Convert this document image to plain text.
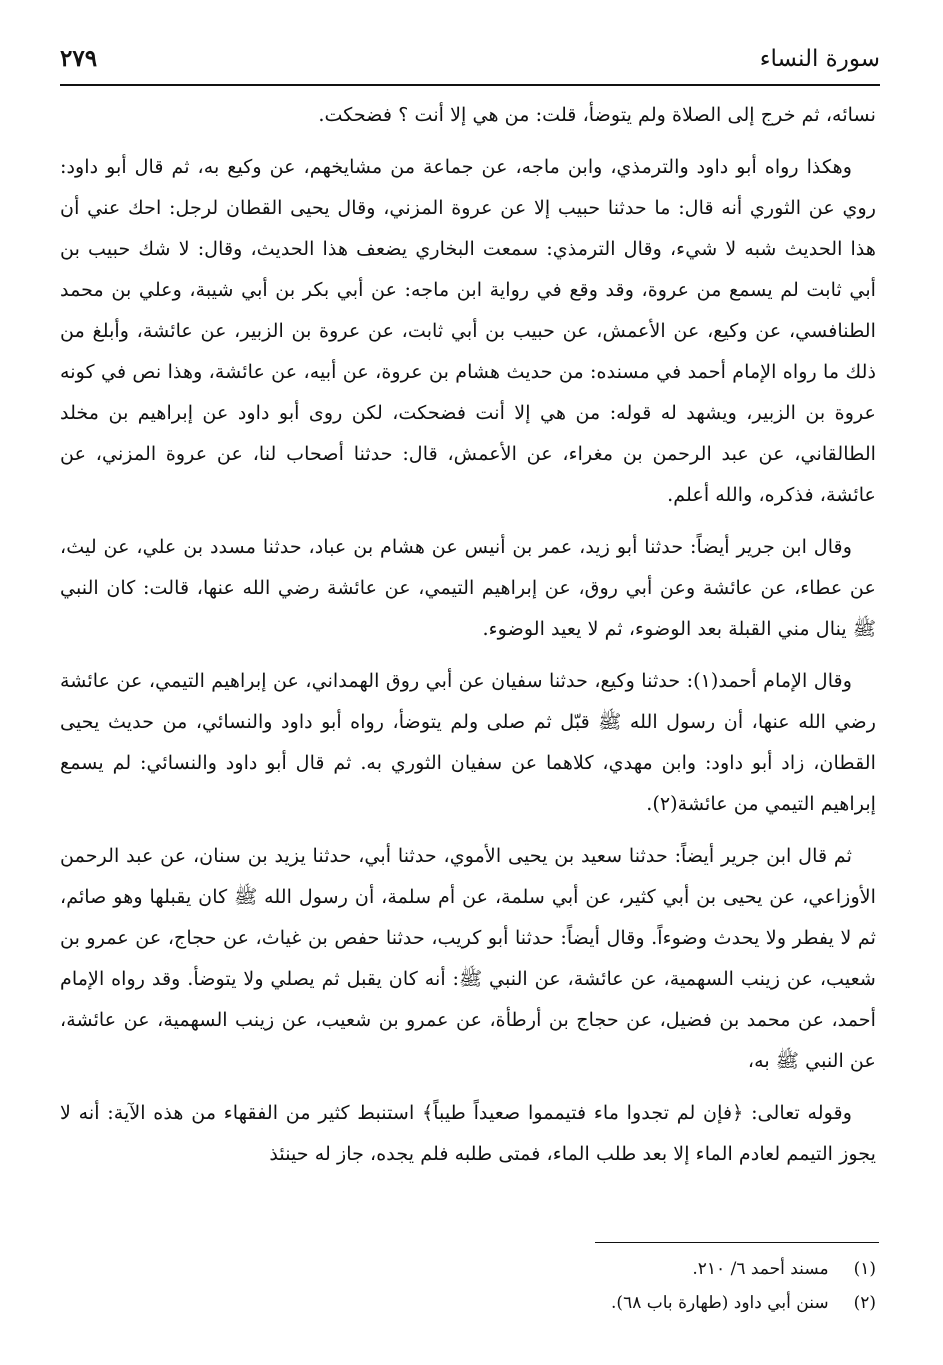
سورة النساء
٢٧٩

نسائه، ثم خرج إلى الصلاة ولم يتوضأ، قلت: من هي إلا أنت ؟ فضحكت.

وهكذا رواه أبو داود والترمذي، وابن ماجه، عن جماعة من مشايخهم، عن وكيع به، ثم قال أبو داود: روي عن الثوري أنه قال: ما حدثنا حبيب إلا عن عروة المزني، وقال يحيى القطان لرجل: احك عني أن هذا الحديث شبه لا شيء، وقال الترمذي: سمعت البخاري يضعف هذا الحديث، وقال: لا شك حبيب بن أبي ثابت لم يسمع من عروة، وقد وقع في رواية ابن ماجه: عن أبي بكر بن أبي شيبة، وعلي بن محمد الطنافسي، عن وكيع، عن الأعمش، عن حبيب بن أبي ثابت، عن عروة بن الزبير، عن عائشة، وأبلغ من ذلك ما رواه الإمام أحمد في مسنده: من حديث هشام بن عروة، عن أبيه، عن عائشة، وهذا نص في كونه عروة بن الزبير، ويشهد له قوله: من هي إلا أنت فضحكت، لكن روى أبو داود عن إبراهيم بن مخلد الطالقاني، عن عبد الرحمن بن مغراء، عن الأعمش، قال: حدثنا أصحاب لنا، عن عروة المزني، عن عائشة، فذكره، والله أعلم.

وقال ابن جرير أيضاً: حدثنا أبو زيد، عمر بن أنيس عن هشام بن عباد، حدثنا مسدد بن علي، عن ليث، عن عطاء، عن عائشة وعن أبي روق، عن إبراهيم التيمي، عن عائشة رضي الله عنها، قالت: كان النبي ﷺ ينال مني القبلة بعد الوضوء، ثم لا يعيد الوضوء.

وقال الإمام أحمد(١): حدثنا وكيع، حدثنا سفيان عن أبي روق الهمداني، عن إبراهيم التيمي، عن عائشة رضي الله عنها، أن رسول الله ﷺ قبّل ثم صلى ولم يتوضأ، رواه أبو داود والنسائي، من حديث يحيى القطان، زاد أبو داود: وابن مهدي، كلاهما عن سفيان الثوري به. ثم قال أبو داود والنسائي: لم يسمع إبراهيم التيمي من عائشة(٢).

ثم قال ابن جرير أيضاً: حدثنا سعيد بن يحيى الأموي، حدثنا أبي، حدثنا يزيد بن سنان، عن عبد الرحمن الأوزاعي، عن يحيى بن أبي كثير، عن أبي سلمة، عن أم سلمة، أن رسول الله ﷺ كان يقبلها وهو صائم، ثم لا يفطر ولا يحدث وضوءاً. وقال أيضاً: حدثنا أبو كريب، حدثنا حفص بن غياث، عن حجاج، عن عمرو بن شعيب، عن زينب السهمية، عن عائشة، عن النبي ﷺ: أنه كان يقبل ثم يصلي ولا يتوضأ. وقد رواه الإمام أحمد، عن محمد بن فضيل، عن حجاج بن أرطأة، عن عمرو بن شعيب، عن زينب السهمية، عن عائشة، عن النبي ﷺ به،

وقوله تعالى: ﴿فإن لم تجدوا ماء فتيمموا صعيداً طيباً﴾ استنبط كثير من الفقهاء من هذه الآية: أنه لا يجوز التيمم لعادم الماء إلا بعد طلب الماء، فمتى طلبه فلم يجده، جاز له حينئذ

(١) مسند أحمد ٦/ ٢١٠.
(٢) سنن أبي داود (طهارة باب ٦٨).
